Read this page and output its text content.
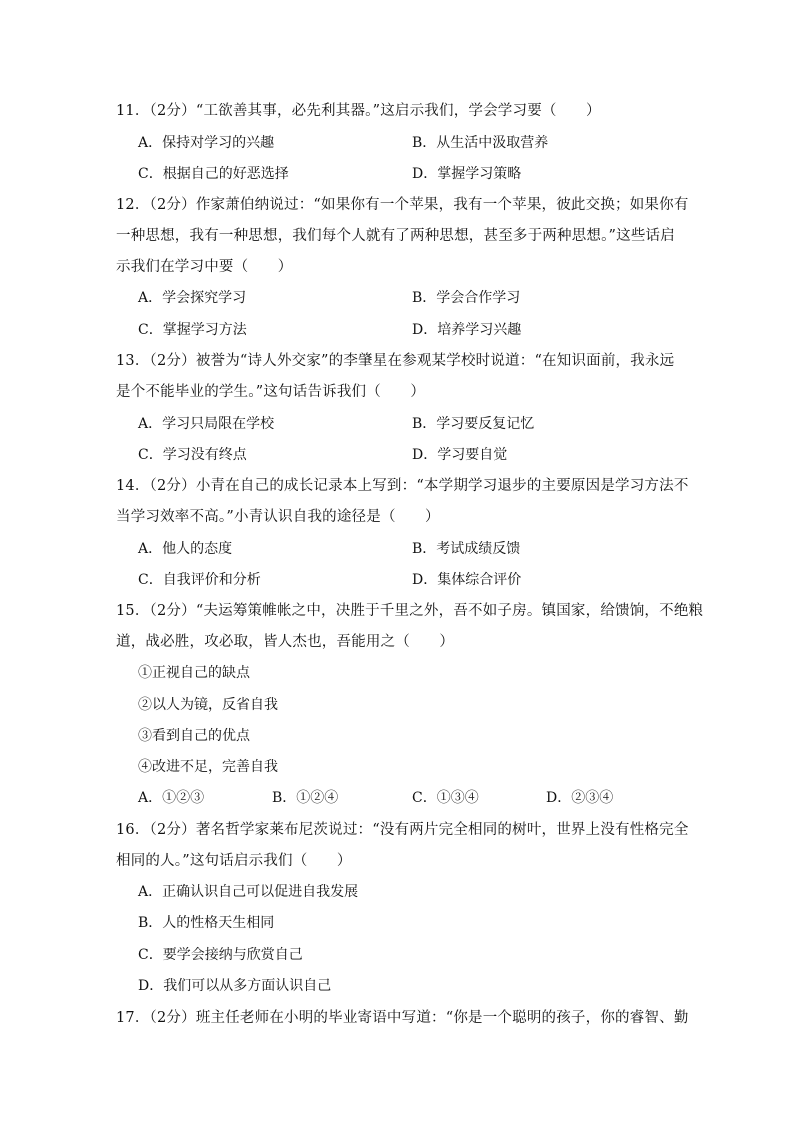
11．（2分）“工欲善其事，必先利其器。”这启示我们，学会学习要（　　）
A．保持对学习的兴趣	B．从生活中汲取营养
C．根据自己的好恶选择	D．掌握学习策略
12．（2分）作家萧伯纳说过：“如果你有一个苹果，我有一个苹果，彼此交换；如果你有
一种思想，我有一种思想，我们每个人就有了两种思想，甚至多于两种思想。”这些话启
示我们在学习中要（　　）
A．学会探究学习	B．学会合作学习
C．掌握学习方法	D．培养学习兴趣
13．（2分）被誉为“诗人外交家”的李肇星在参观某学校时说道：“在知识面前，我永远
是个不能毕业的学生。”这句话告诉我们（　　）
A．学习只局限在学校	B．学习要反复记忆
C．学习没有终点	D．学习要自觉
14．（2分）小青在自己的成长记录本上写到：“本学期学习退步的主要原因是学习方法不
当学习效率不高。”小青认识自我的途径是（　　）
A．他人的态度	B．考试成绩反馈
C．自我评价和分析	D．集体综合评价
15．（2分）“夫运筹策帷帐之中，决胜于千里之外，吾不如子房。镇国家，给馈饷，不绝粮
道，战必胜，攻必取，皆人杰也，吾能用之（　　）
①正视自己的缺点
②以人为镜，反省自我
③看到自己的优点
④改进不足，完善自我
A．①②③	B．①②④	C．①③④	D．②③④
16．（2分）著名哲学家莱布尼茨说过：“没有两片完全相同的树叶，世界上没有性格完全
相同的人。”这句话启示我们（　　）
A．正确认识自己可以促进自我发展
B．人的性格天生相同
C．要学会接纳与欣赏自己
D．我们可以从多方面认识自己
17．（2分）班主任老师在小明的毕业寄语中写道：“你是一个聪明的孩子，你的睿智、勤
